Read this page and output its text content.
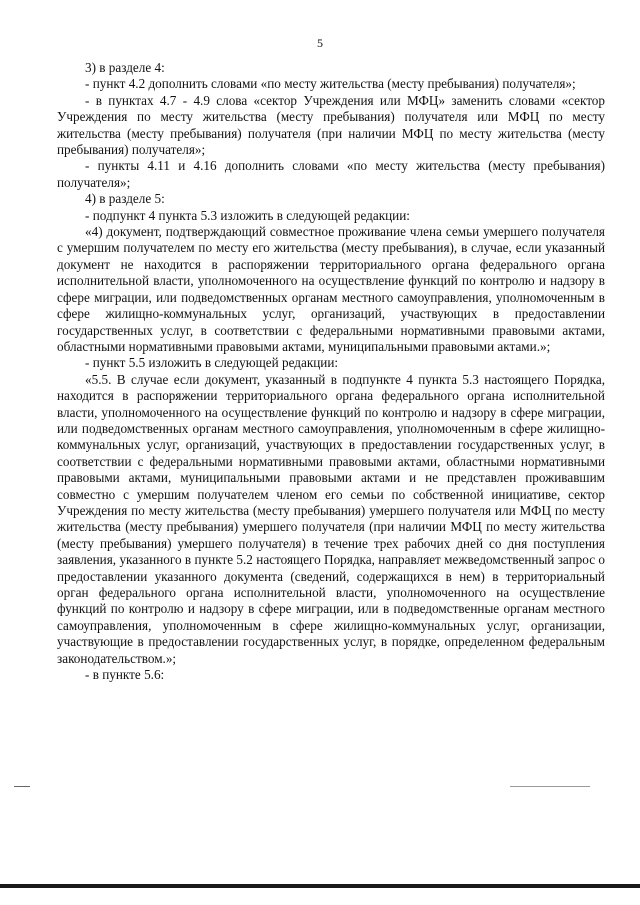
5

3) в разделе 4:

- пункт 4.2 дополнить словами «по месту жительства (месту пребывания) получателя»;

- в пунктах 4.7 - 4.9 слова «сектор Учреждения или МФЦ» заменить словами «сектор Учреждения по месту жительства (месту пребывания) получателя или МФЦ по месту жительства (месту пребывания) получателя (при наличии МФЦ по месту жительства (месту пребывания) получателя»;

- пункты 4.11 и 4.16 дополнить словами «по месту жительства (месту пребывания) получателя»;

4) в разделе 5:

- подпункт 4 пункта 5.3 изложить в следующей редакции:

«4) документ, подтверждающий совместное проживание члена семьи умершего получателя с умершим получателем по месту его жительства (месту пребывания), в случае, если указанный документ не находится в распоряжении территориального органа федерального органа исполнительной власти, уполномоченного на осуществление функций по контролю и надзору в сфере миграции, или подведомственных органам местного самоуправления, уполномоченным в сфере жилищно-коммунальных услуг, организаций, участвующих в предоставлении государственных услуг, в соответствии с федеральными нормативными правовыми актами, областными нормативными правовыми актами, муниципальными правовыми актами.»;

- пункт 5.5 изложить в следующей редакции:

«5.5. В случае если документ, указанный в подпункте 4 пункта 5.3 настоящего Порядка, находится в распоряжении территориального органа федерального органа исполнительной власти, уполномоченного на осуществление функций по контролю и надзору в сфере миграции, или подведомственных органам местного самоуправления, уполномоченным в сфере жилищно-коммунальных услуг, организаций, участвующих в предоставлении государственных услуг, в соответствии с федеральными нормативными правовыми актами, областными нормативными правовыми актами, муниципальными правовыми актами и не представлен проживавшим совместно с умершим получателем членом его семьи по собственной инициативе, сектор Учреждения по месту жительства (месту пребывания) умершего получателя или МФЦ по месту жительства (месту пребывания) умершего получателя (при наличии МФЦ по месту жительства (месту пребывания) умершего получателя) в течение трех рабочих дней со дня поступления заявления, указанного в пункте 5.2 настоящего Порядка, направляет межведомственный запрос о предоставлении указанного документа (сведений, содержащихся в нем) в территориальный орган федерального органа исполнительной власти, уполномоченного на осуществление функций по контролю и надзору в сфере миграции, или в подведомственные органам местного самоуправления, уполномоченным в сфере жилищно-коммунальных услуг, организации, участвующие в предоставлении государственных услуг, в порядке, определенном федеральным законодательством.»;

- в пункте 5.6:
